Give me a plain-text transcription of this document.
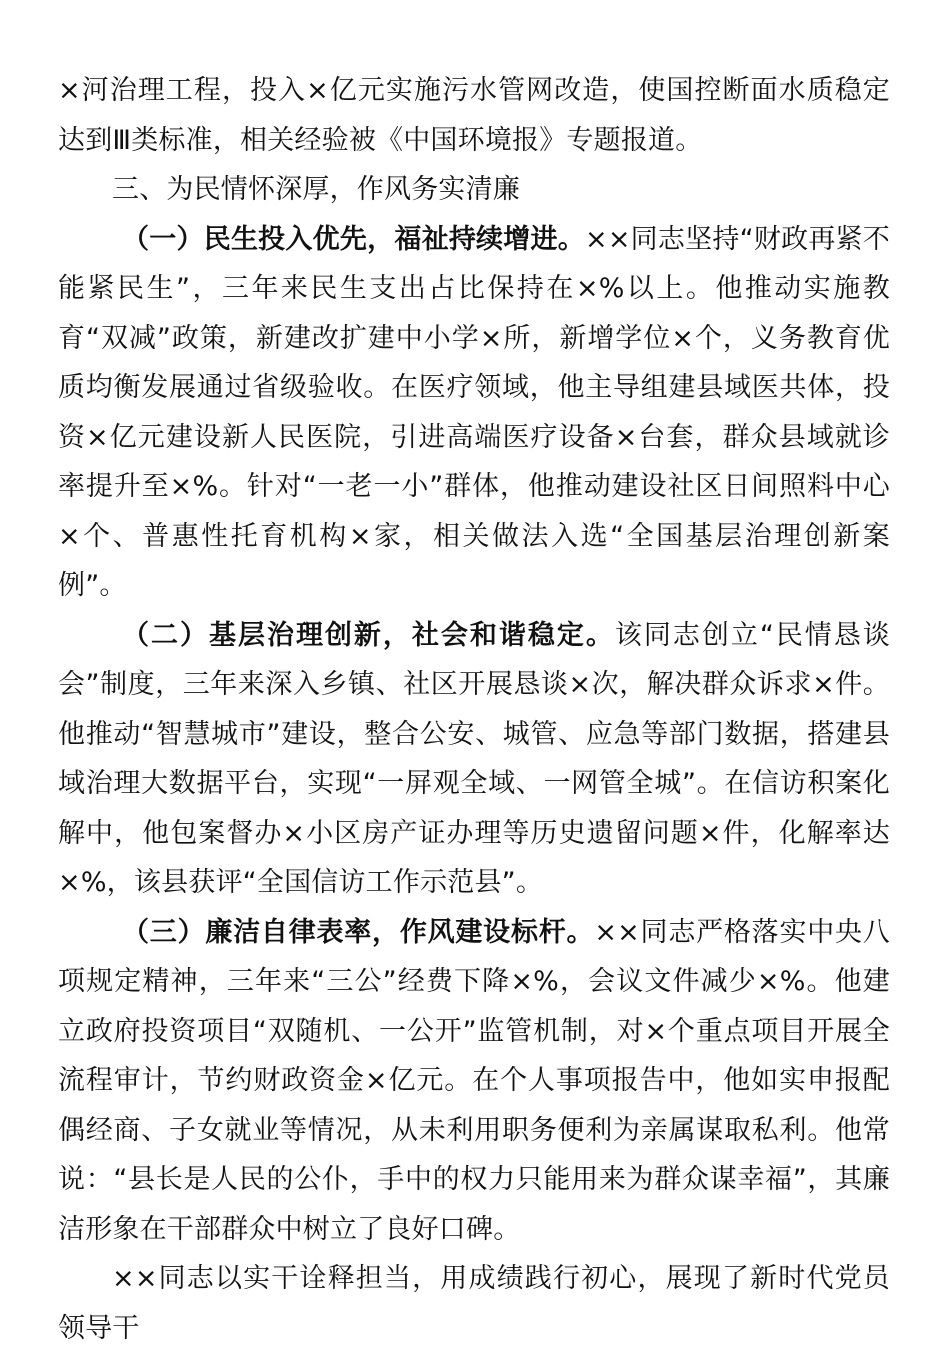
×河治理工程，投入×亿元实施污水管网改造，使国控断面水质稳定达到Ⅲ类标准，相关经验被《中国环境报》专题报道。

三、为民情怀深厚，作风务实清廉

（一）民生投入优先，福祉持续增进。××同志坚持“财政再紧不能紧民生”，三年来民生支出占比保持在×%以上。他推动实施教育“双减”政策，新建改扩建中小学×所，新增学位×个，义务教育优质均衡发展通过省级验收。在医疗领域，他主导组建县域医共体，投资×亿元建设新人民医院，引进高端医疗设备×台套，群众县域就诊率提升至×%。针对“一老一小”群体，他推动建设社区日间照料中心×个、普惠性托育机构×家，相关做法入选“全国基层治理创新案例”。

（二）基层治理创新，社会和谐稳定。该同志创立“民情恳谈会”制度，三年来深入乡镇、社区开展恳谈×次，解决群众诉求×件。他推动“智慧城市”建设，整合公安、城管、应急等部门数据，搭建县域治理大数据平台，实现“一屏观全域、一网管全城”。在信访积案化解中，他包案督办×小区房产证办理等历史遗留问题×件，化解率达×%，该县获评“全国信访工作示范县”。

（三）廉洁自律表率，作风建设标杆。××同志严格落实中央八项规定精神，三年来“三公”经费下降×%，会议文件减少×%。他建立政府投资项目“双随机、一公开”监管机制，对×个重点项目开展全流程审计，节约财政资金×亿元。在个人事项报告中，他如实申报配偶经商、子女就业等情况，从未利用职务便利为亲属谋取私利。他常说：“县长是人民的公仆，手中的权力只能用来为群众谋幸福”，其廉洁形象在干部群众中树立了良好口碑。

××同志以实干诠释担当，用成绩践行初心，展现了新时代党员领导干
